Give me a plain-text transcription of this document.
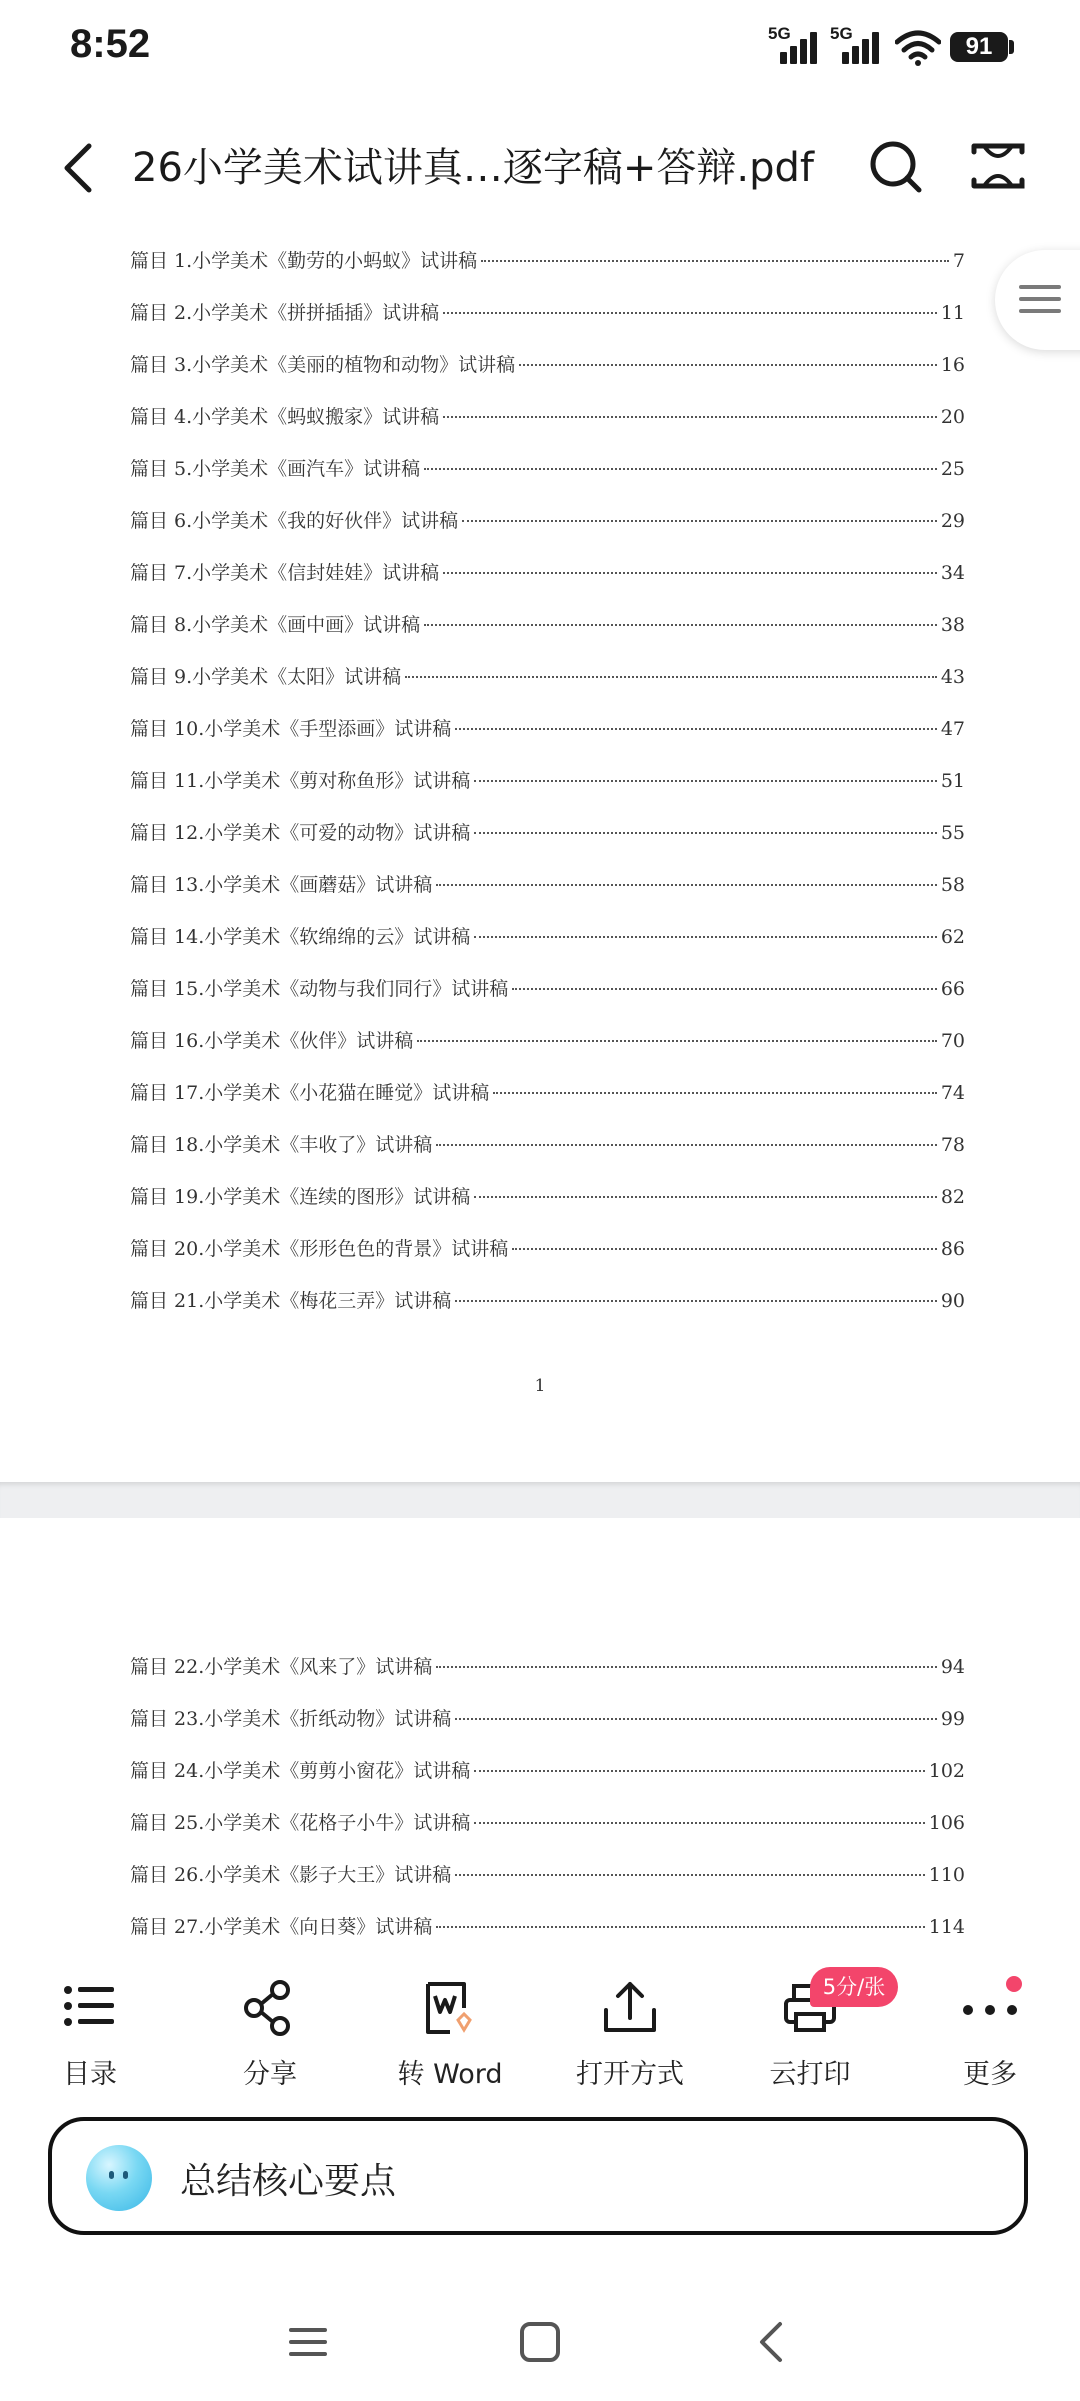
8:52	5G 5G	91
26小学美术试讲真…逐字稿+答辩.pdf
篇目 1.小学美术《勤劳的小蚂蚁》试讲稿	7
篇目 2.小学美术《拼拼插插》试讲稿	11
篇目 3.小学美术《美丽的植物和动物》试讲稿	16
篇目 4.小学美术《蚂蚁搬家》试讲稿	20
篇目 5.小学美术《画汽车》试讲稿	25
篇目 6.小学美术《我的好伙伴》试讲稿	29
篇目 7.小学美术《信封娃娃》试讲稿	34
篇目 8.小学美术《画中画》试讲稿	38
篇目 9.小学美术《太阳》试讲稿	43
篇目 10.小学美术《手型添画》试讲稿	47
篇目 11.小学美术《剪对称鱼形》试讲稿	51
篇目 12.小学美术《可爱的动物》试讲稿	55
篇目 13.小学美术《画蘑菇》试讲稿	58
篇目 14.小学美术《软绵绵的云》试讲稿	62
篇目 15.小学美术《动物与我们同行》试讲稿	66
篇目 16.小学美术《伙伴》试讲稿	70
篇目 17.小学美术《小花猫在睡觉》试讲稿	74
篇目 18.小学美术《丰收了》试讲稿	78
篇目 19.小学美术《连续的图形》试讲稿	82
篇目 20.小学美术《形形色色的背景》试讲稿	86
篇目 21.小学美术《梅花三弄》试讲稿	90
1
篇目 22.小学美术《风来了》试讲稿	94
篇目 23.小学美术《折纸动物》试讲稿	99
篇目 24.小学美术《剪剪小窗花》试讲稿	102
篇目 25.小学美术《花格子小牛》试讲稿	106
篇目 26.小学美术《影子大王》试讲稿	110
篇目 27.小学美术《向日葵》试讲稿	114
目录	分享	转 Word	打开方式	云打印	更多
5分/张
总结核心要点
